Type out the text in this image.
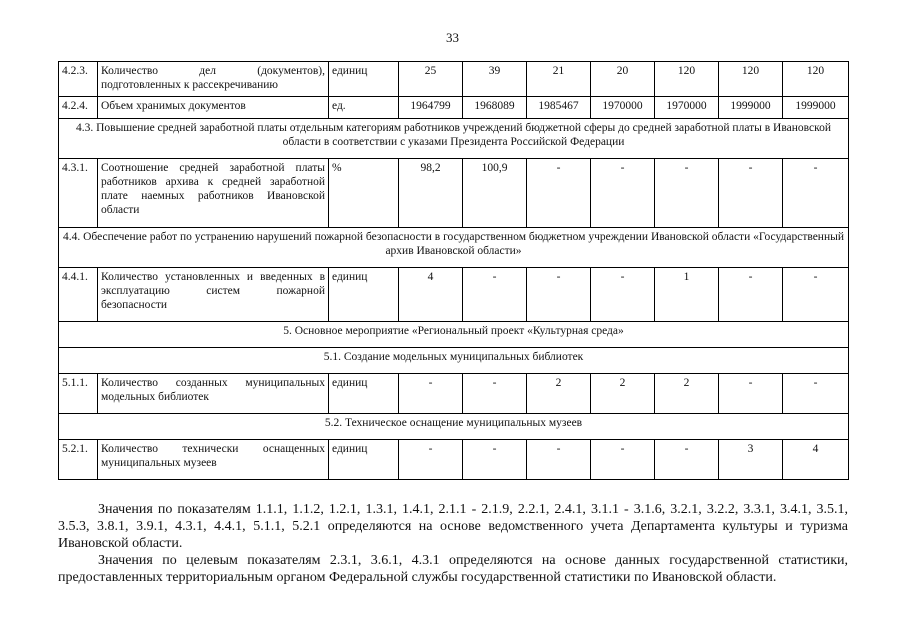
33
4.2.3.	Количество дел (документов), подготовленных к рассекречиванию	единиц	25	39	21	20	120	120	120
4.2.4.	Объем хранимых документов	ед.	1964799	1968089	1985467	1970000	1970000	1999000	1999000
4.3. Повышение средней заработной платы отдельным категориям работников учреждений бюджетной сферы до средней заработной платы в Ивановской области в соответствии с указами Президента Российской Федерации									
4.3.1.	Соотношение средней заработной платы работников архива к средней заработной плате наемных работников Ивановской области	%	98,2	100,9	-	-	-	-	-
4.4. Обеспечение работ по устранению нарушений пожарной безопасности в государственном бюджетном учреждении Ивановской области «Государственный архив Ивановской области»									
4.4.1.	Количество установленных и введенных в эксплуатацию систем пожарной безопасности	единиц	4	-	-	-	1	-	-
5. Основное мероприятие «Региональный проект «Культурная среда»									
5.1. Создание модельных муниципальных библиотек									
5.1.1.	Количество созданных муниципальных модельных библиотек	единиц	-	-	2	2	2	-	-
5.2. Техническое оснащение муниципальных музеев									
5.2.1.	Количество технически оснащенных муниципальных музеев	единиц	-	-	-	-	-	3	4

Значения по показателям 1.1.1, 1.1.2, 1.2.1, 1.3.1, 1.4.1, 2.1.1 - 2.1.9, 2.2.1, 2.4.1, 3.1.1 - 3.1.6, 3.2.1, 3.2.2, 3.3.1, 3.4.1, 3.5.1, 3.5.3, 3.8.1, 3.9.1, 4.3.1, 4.4.1, 5.1.1, 5.2.1 определяются на основе ведомственного учета Департамента культуры и туризма Ивановской области.

Значения по целевым показателям 2.3.1, 3.6.1, 4.3.1 определяются на основе данных государственной статистики, предоставленных территориальным органом Федеральной службы государственной статистики по Ивановской области.
